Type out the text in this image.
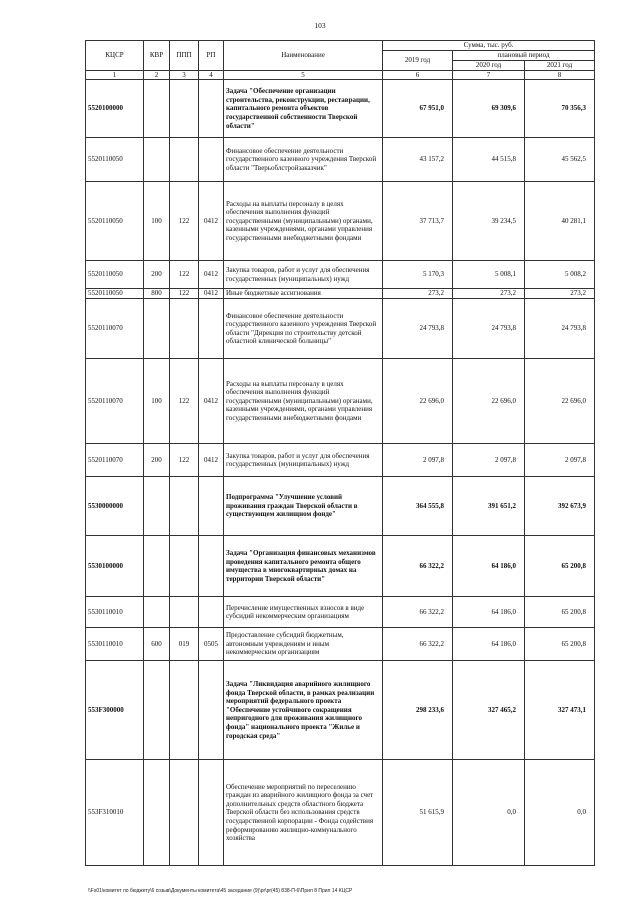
103
КЦСР	КВР	ППП	РП	Наименование	Сумма, тыс. руб.		
					2019 год	плановый период	
						2020 год	2021 год
1	2	3	4	5	6	7	8
5520100000				Задача "Обеспечение организации строительства, реконструкции, реставрации, капитального ремонта объектов государственной собственности Тверской области"	67 951,0	69 309,6	70 356,3
5520110050				Финансовое обеспечение деятельности государственного казенного учреждения Тверской области "Тверьоблстройзаказчик"	43 157,2	44 515,8	45 562,5
5520110050	100	122	0412	Расходы на выплаты персоналу в целях обеспечения выполнения функций государственными (муниципальными) органами, казенными учреждениями, органами управления государственными внебюджетными фондами	37 713,7	39 234,5	40 281,1
5520110050	200	122	0412	Закупка товаров, работ и услуг для обеспечения государственных (муниципальных) нужд	5 170,3	5 008,1	5 008,2
5520110050	800	122	0412	Иные бюджетные ассигнования	273,2	273,2	273,2
5520110070				Финансовое обеспечение деятельности государственного казенного учреждения Тверской области "Дирекция по строительству детской областной клинической больницы"	24 793,8	24 793,8	24 793,8
5520110070	100	122	0412	Расходы на выплаты персоналу в целях обеспечения выполнения функций государственными (муниципальными) органами, казенными учреждениями, органами управления государственными внебюджетными фондами	22 696,0	22 696,0	22 696,0
5520110070	200	122	0412	Закупка товаров, работ и услуг для обеспечения государственных (муниципальных) нужд	2 097,8	2 097,8	2 097,8
5530000000				Подпрограмма "Улучшение условий проживания граждан Тверской области в существующем жилищном фонде"	364 555,8	391 651,2	392 673,9
5530100000				Задача "Организация финансовых механизмов проведения капитального ремонта общего имущества в многоквартирных домах на территории Тверской области"	66 322,2	64 186,0	65 200,8
5530110010				Перечисление имущественных взносов в виде субсидий некоммерческим организациям	66 322,2	64 186,0	65 200,8
5530110010	600	019	0505	Предоставление субсидий бюджетным, автономным учреждениям и иным некоммерческим организациям	66 322,2	64 186,0	65 200,8
553F300000				Задача "Ликвидация аварийного жилищного фонда Тверской области, в рамках реализации мероприятий федерального проекта "Обеспечение устойчивого сокращения непригодного для проживания жилищного фонда" национального проекта "Жилье и городская среда"	298 233,6	327 465,2	327 473,1
553F310010				Обеспечение мероприятий по переселению граждан из аварийного жилищного фонда за счет дополнительных средств областного бюджета Тверской области без использования средств государственной корпорации - Фонда содействия реформированию жилищно-коммунального хозяйства	51 615,9	0,0	0,0
\\Fs01\комитет по бюджету\6 созыв\Документы комитета\45 заседание (9)\pr\pr(45) 838-П-6\Прил 8 Прил 14 КЦСР
